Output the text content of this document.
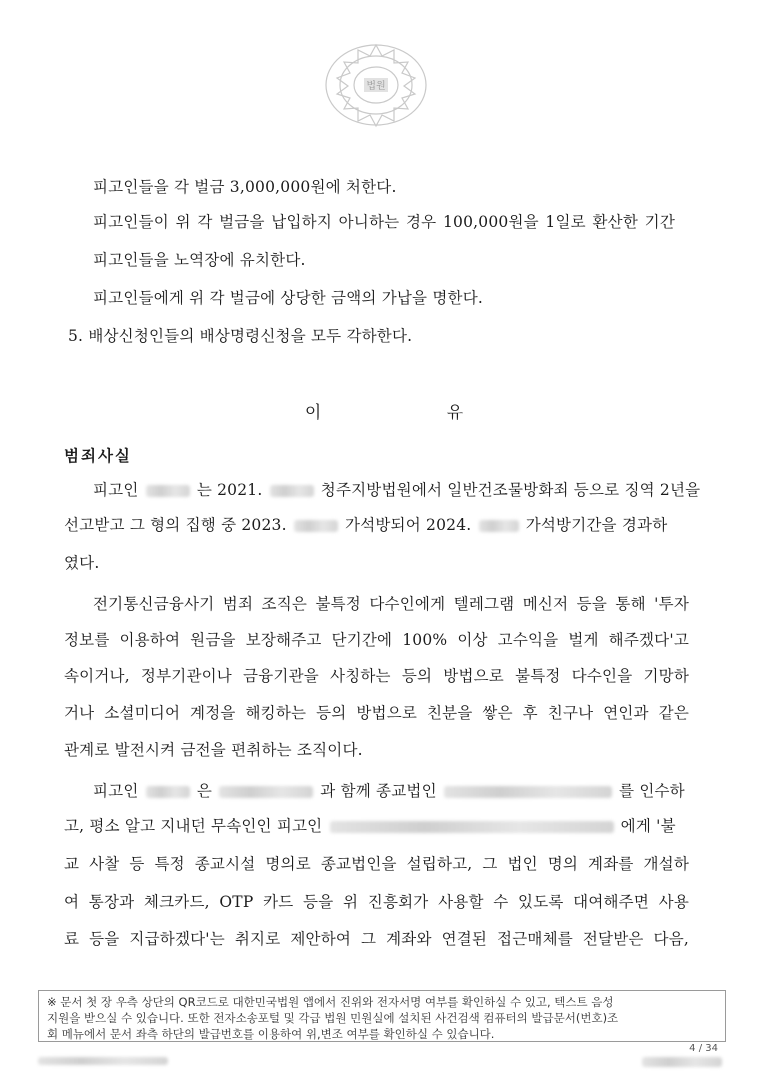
법원
피고인들을 각 벌금 3,000,000원에 처한다.
피고인들이 위 각 벌금을 납입하지 아니하는 경우 100,000원을 1일로 환산한 기간
피고인들을 노역장에 유치한다.
피고인들에게 위 각 벌금에 상당한 금액의 가납을 명한다.
5. 배상신청인들의 배상명령신청을 모두 각하한다.
이 유
범죄사실
피고인	는 2021.	청주지방법원에서 일반건조물방화죄 등으로 징역 2년을
선고받고 그 형의 집행 중 2023.	가석방되어 2024.	가석방기간을 경과하
였다.
전기통신금융사기 범죄 조직은 불특정 다수인에게 텔레그램 메신저 등을 통해 '투자
정보를 이용하여 원금을 보장해주고 단기간에 100% 이상 고수익을 벌게 해주겠다'고
속이거나, 정부기관이나 금융기관을 사칭하는 등의 방법으로 불특정 다수인을 기망하
거나 소셜미디어 계정을 해킹하는 등의 방법으로 친분을 쌓은 후 친구나 연인과 같은
관계로 발전시켜 금전을 편취하는 조직이다.
피고인	은	과 함께 종교법인	를 인수하
고, 평소 알고 지내던 무속인인 피고인	에게 '불
교 사찰 등 특정 종교시설 명의로 종교법인을 설립하고, 그 법인 명의 계좌를 개설하
여 통장과 체크카드, OTP 카드 등을 위 진흥회가 사용할 수 있도록 대여해주면 사용
료 등을 지급하겠다'는 취지로 제안하여 그 계좌와 연결된 접근매체를 전달받은 다음,
※ 문서 첫 장 우측 상단의 QR코드로 대한민국법원 앱에서 진위와 전자서명 여부를 확인하실 수 있고, 텍스트 음성
지원을 받으실 수 있습니다. 또한 전자소송포털 및 각급 법원 민원실에 설치된 사건검색 컴퓨터의 발급문서(번호)조
회 메뉴에서 문서 좌측 하단의 발급번호를 이용하여 위,변조 여부를 확인하실 수 있습니다.
4 / 34
